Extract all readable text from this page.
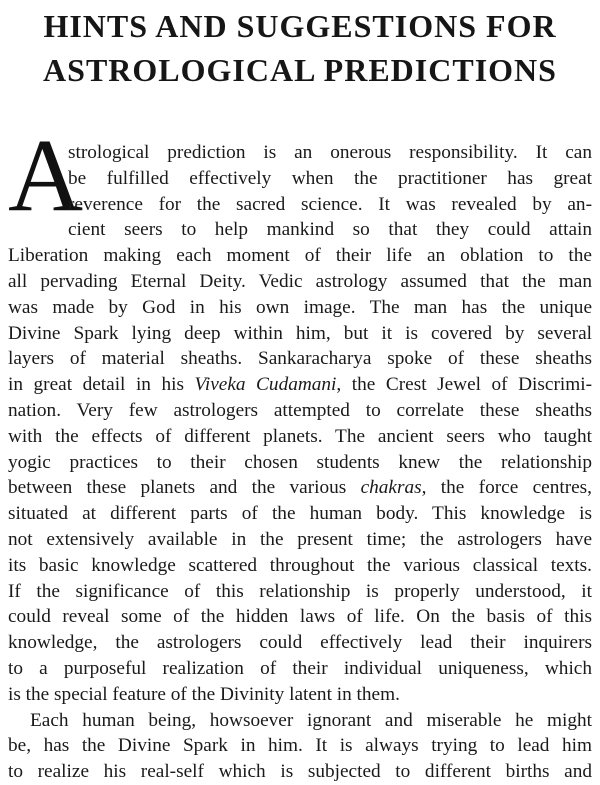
HINTS AND SUGGESTIONS FOR
ASTROLOGICAL PREDICTIONS
A
strological prediction is an onerous responsibility. It can
be fulfilled effectively when the practitioner has great
reverence for the sacred science. It was revealed by an-
cient seers to help mankind so that they could attain
Liberation making each moment of their life an oblation to the
all pervading Eternal Deity. Vedic astrology assumed that the man
was made by God in his own image. The man has the unique
Divine Spark lying deep within him, but it is covered by several
layers of material sheaths. Sankaracharya spoke of these sheaths
in great detail in his Viveka Cudamani, the Crest Jewel of Discrimi-
nation. Very few astrologers attempted to correlate these sheaths
with the effects of different planets. The ancient seers who taught
yogic practices to their chosen students knew the relationship
between these planets and the various chakras, the force centres,
situated at different parts of the human body. This knowledge is
not extensively available in the present time; the astrologers have
its basic knowledge scattered throughout the various classical texts.
If the significance of this relationship is properly understood, it
could reveal some of the hidden laws of life. On the basis of this
knowledge, the astrologers could effectively lead their inquirers
to a purposeful realization of their individual uniqueness, which
is the special feature of the Divinity latent in them.
Each human being, howsoever ignorant and miserable he might
be, has the Divine Spark in him. It is always trying to lead him
to realize his real-self which is subjected to different births and
